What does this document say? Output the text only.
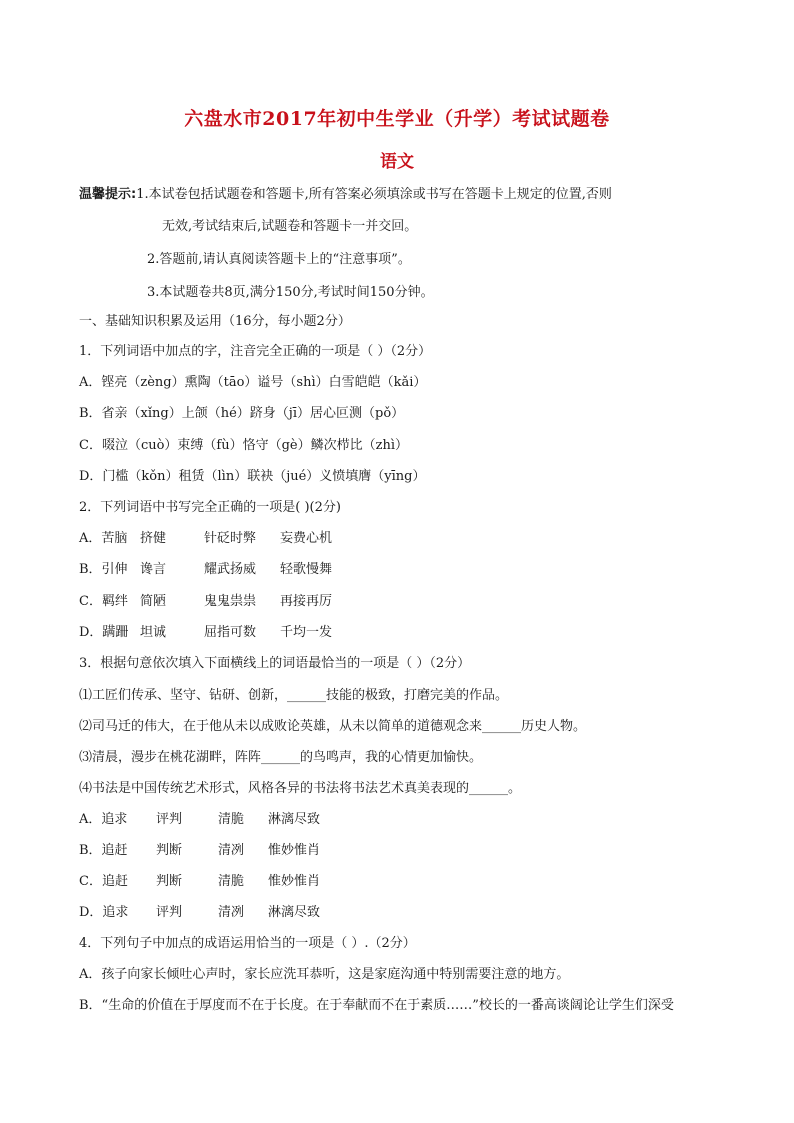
六盘水市2017年初中生学业（升学）考试试题卷
语文
温馨提示:1.本试卷包括试题卷和答题卡,所有答案必须填涂或书写在答题卡上规定的位置,否则
无效,考试结束后,试题卷和答题卡一并交回。
2.答题前,请认真阅读答题卡上的“注意事项”。
3.本试题卷共8页,满分150分,考试时间150分钟。
一、基础知识积累及运用（16分，每小题2分）
1．下列词语中加点的字，注音完全正确的一项是（ ）（2分）
A．铿亮（zèng）熏陶（tāo）谥号（shì）白雪皑皑（kǎi）
B．省亲（xǐng）上颌（hé）跻身（jī）居心叵测（pǒ）
C．啜泣（cuò）束缚（fù）恪守（gè）鳞次栉比（zhì）
D．门槛（kǒn）租赁（lìn）联袂（jué）义愤填膺（yīng）
2．下列词语中书写完全正确的一项是( )(2分)
A．苦脑 挤健	针砭时弊 妄费心机
B．引伸 谗言	耀武扬威 轻歌慢舞
C．羁绊 简陋	鬼鬼祟祟 再接再厉
D．蹒跚 坦诚	屈指可数 千均一发
3．根据句意依次填入下面横线上的词语最恰当的一项是（ ）（2分）
⑴工匠们传承、坚守、钻研、创新，______技能的极致，打磨完美的作品。
⑵司马迁的伟大，在于他从未以成败论英雄，从未以简单的道德观念来______历史人物。
⑶清晨，漫步在桃花湖畔，阵阵______的鸟鸣声，我的心情更加愉快。
⑷书法是中国传统艺术形式，风格各异的书法将书法艺术真美表现的______。
A．追求 评判	清脆 淋漓尽致
B．追赶 判断	清冽 惟妙惟肖
C．追赶 判断	清脆 惟妙惟肖
D．追求 评判	清冽 淋漓尽致
4．下列句子中加点的成语运用恰当的一项是（ ）.（2分）
A．孩子向家长倾吐心声时，家长应洗耳恭听，这是家庭沟通中特别需要注意的地方。
B．“生命的价值在于厚度而不在于长度。在于奉献而不在于素质……”校长的一番高谈阔论让学生们深受
